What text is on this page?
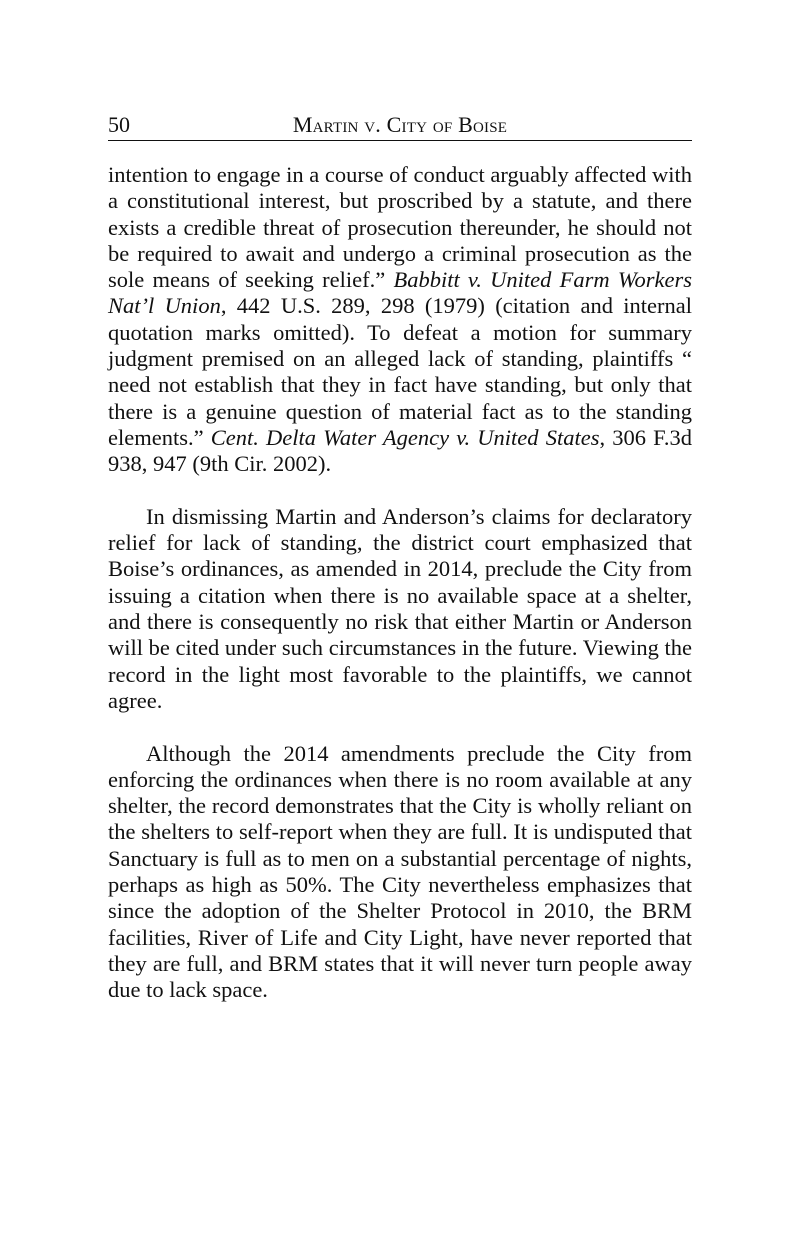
50	Martin v. City of Boise

intention to engage in a course of conduct arguably affected with a constitutional interest, but proscribed by a statute, and there exists a credible threat of prosecution thereunder, he should not be required to await and undergo a criminal prosecution as the sole means of seeking relief.” Babbitt v. United Farm Workers Nat’l Union, 442 U.S. 289, 298 (1979) (citation and internal quotation marks omitted). To defeat a motion for summary judgment premised on an alleged lack of standing, plaintiffs “ need not establish that they in fact have standing, but only that there is a genuine question of material fact as to the standing elements.” Cent. Delta Water Agency v. United States, 306 F.3d 938, 947 (9th Cir. 2002).

In dismissing Martin and Anderson’s claims for declaratory relief for lack of standing, the district court emphasized that Boise’s ordinances, as amended in 2014, preclude the City from issuing a citation when there is no available space at a shelter, and there is consequently no risk that either Martin or Anderson will be cited under such circumstances in the future. Viewing the record in the light most favorable to the plaintiffs, we cannot agree.

Although the 2014 amendments preclude the City from enforcing the ordinances when there is no room available at any shelter, the record demonstrates that the City is wholly reliant on the shelters to self-report when they are full. It is undisputed that Sanctuary is full as to men on a substantial percentage of nights, perhaps as high as 50%. The City nevertheless emphasizes that since the adoption of the Shelter Protocol in 2010, the BRM facilities, River of Life and City Light, have never reported that they are full, and BRM states that it will never turn people away due to lack space.
